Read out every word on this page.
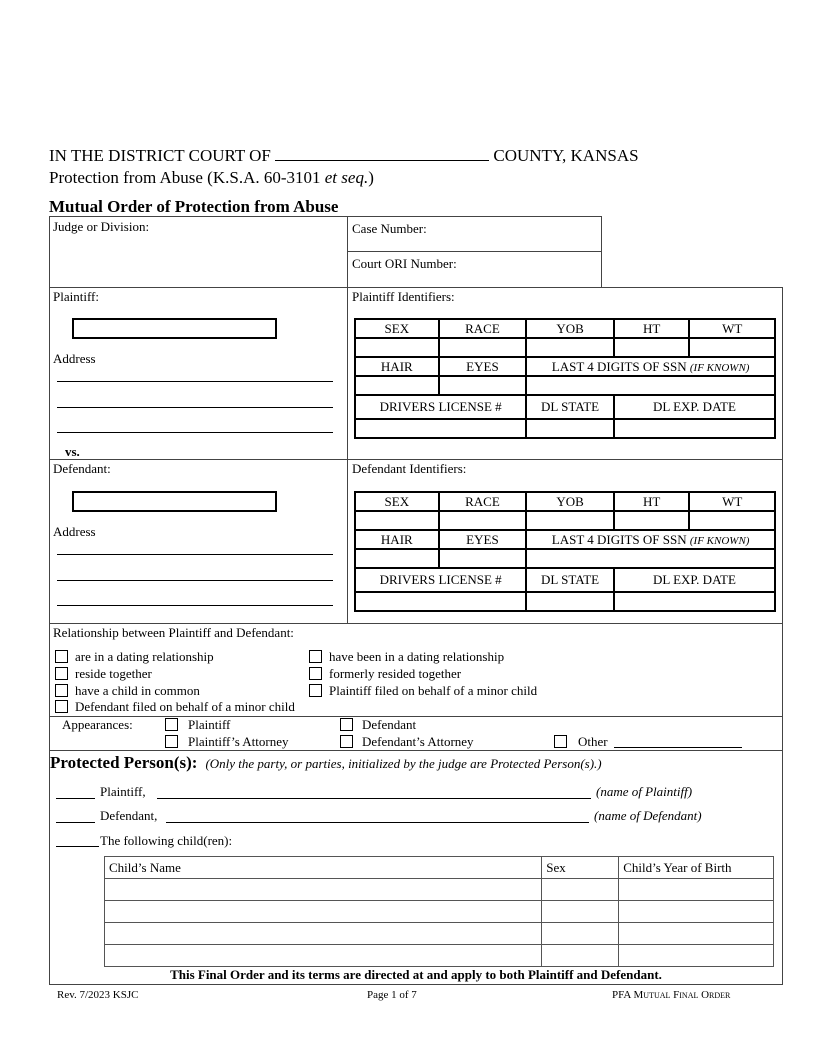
IN THE DISTRICT COURT OF	COUNTY, KANSAS
Protection from Abuse (K.S.A. 60-3101 et seq.)
Mutual Order of Protection from Abuse
Judge or Division:	Case Number:
Court ORI Number:
Plaintiff:
Address
vs.
Plaintiff Identifiers:
SEX	RACE	YOB	HT	WT

HAIR	EYES	LAST 4 DIGITS OF SSN (IF KNOWN)		

DRIVERS LICENSE #		DL STATE	DL EXP. DATE	

Defendant:
Address
Defendant Identifiers:
SEX	RACE	YOB	HT	WT

HAIR	EYES	LAST 4 DIGITS OF SSN (IF KNOWN)		

DRIVERS LICENSE #		DL STATE	DL EXP. DATE	

Relationship between Plaintiff and Defendant:
are in a dating relationship	have been in a dating relationship
reside together	formerly resided together
have a child in common	Plaintiff filed on behalf of a minor child
Defendant filed on behalf of a minor child
Appearances:	Plaintiff	Defendant
Plaintiff’s Attorney	Defendant’s Attorney	Other
Protected Person(s): (Only the party, or parties, initialized by the judge are Protected Person(s).)
Plaintiff,	(name of Plaintiff)
Defendant,	(name of Defendant)
The following child(ren):
Child’s Name	Sex	Child’s Year of Birth

This Final Order and its terms are directed at and apply to both Plaintiff and Defendant.
Rev. 7/2023 KSJC	Page 1 of 7	PFA Mutual Final Order
